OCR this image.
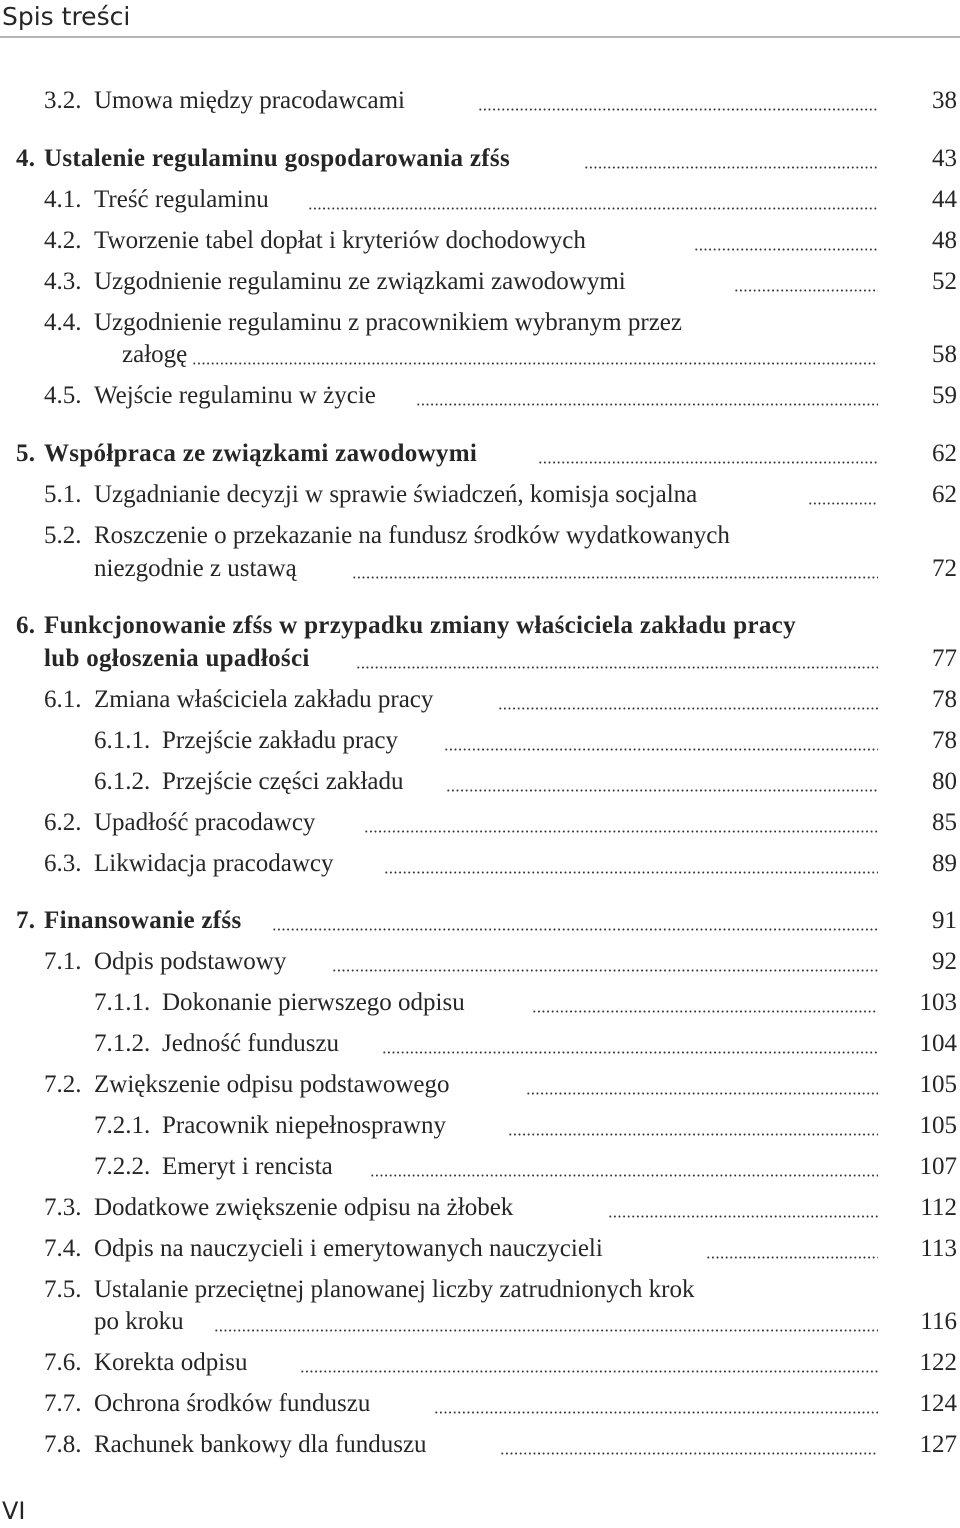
Spis treści
3.2. Umowa między pracodawcami	38
4. Ustalenie regulaminu gospodarowania zfśs	43
4.1. Treść regulaminu	44
4.2. Tworzenie tabel dopłat i kryteriów dochodowych	48
4.3. Uzgodnienie regulaminu ze związkami zawodowymi	52
4.4. Uzgodnienie regulaminu z pracownikiem wybranym przez
załogę	58
4.5. Wejście regulaminu w życie	59
5. Współpraca ze związkami zawodowymi	62
5.1. Uzgadnianie decyzji w sprawie świadczeń, komisja socjalna	62
5.2. Roszczenie o przekazanie na fundusz środków wydatkowanych
niezgodnie z ustawą	72
6. Funkcjonowanie zfśs w przypadku zmiany właściciela zakładu pracy
lub ogłoszenia upadłości	77
6.1. Zmiana właściciela zakładu pracy	78
6.1.1. Przejście zakładu pracy	78
6.1.2. Przejście części zakładu	80
6.2. Upadłość pracodawcy	85
6.3. Likwidacja pracodawcy	89
7. Finansowanie zfśs	91
7.1. Odpis podstawowy	92
7.1.1. Dokonanie pierwszego odpisu	103
7.1.2. Jedność funduszu	104
7.2. Zwiększenie odpisu podstawowego	105
7.2.1. Pracownik niepełnosprawny	105
7.2.2. Emeryt i rencista	107
7.3. Dodatkowe zwiększenie odpisu na żłobek	112
7.4. Odpis na nauczycieli i emerytowanych nauczycieli	113
7.5. Ustalanie przeciętnej planowanej liczby zatrudnionych krok
po kroku	116
7.6. Korekta odpisu	122
7.7. Ochrona środków funduszu	124
7.8. Rachunek bankowy dla funduszu	127
VI
